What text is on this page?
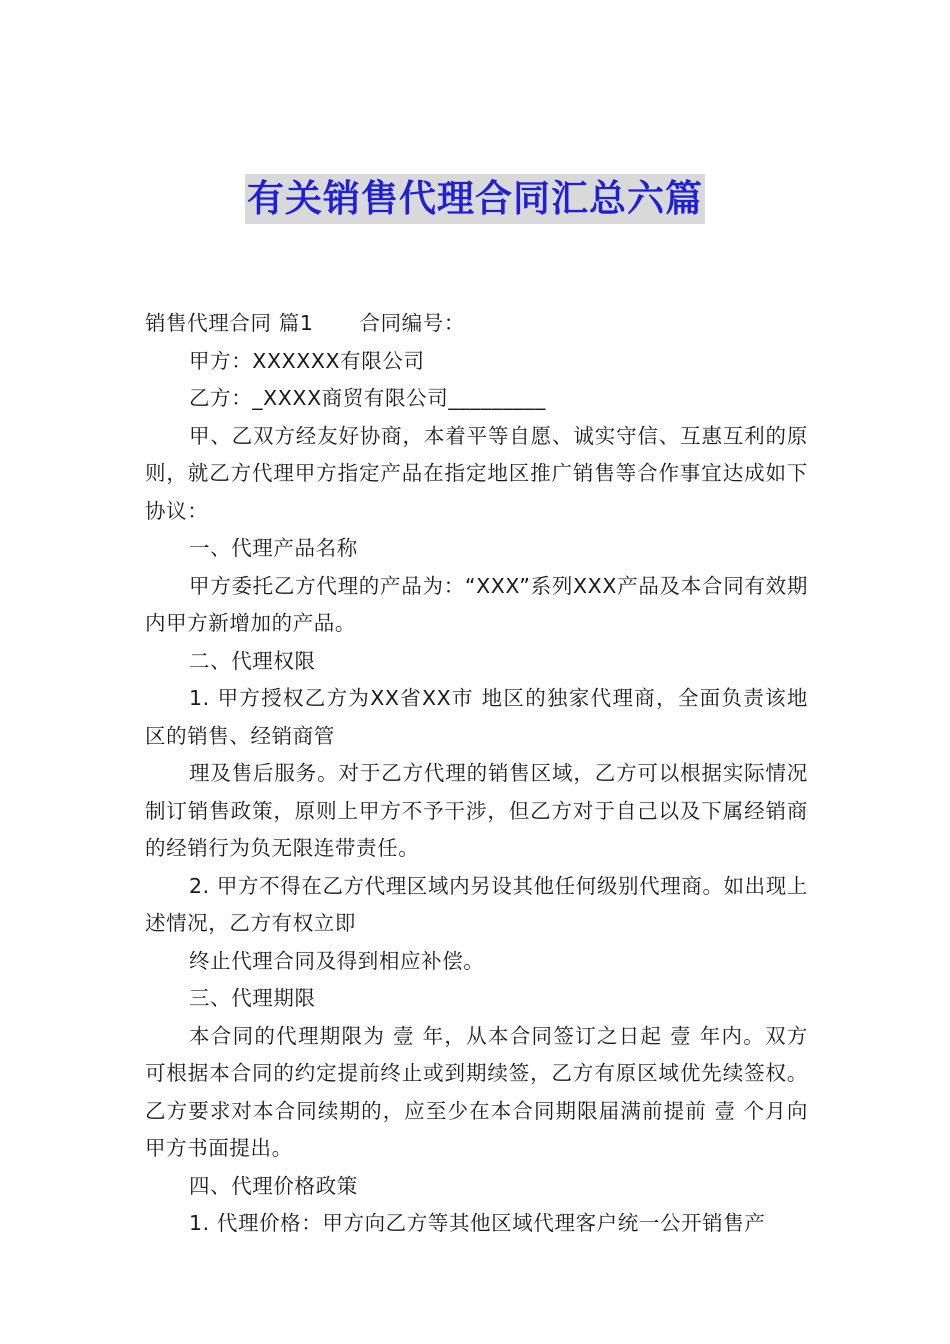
有关销售代理合同汇总六篇

销售代理合同 篇1 合同编号：

甲方：XXXXXX有限公司

乙方：_XXXX商贸有限公司_________

甲、乙双方经友好协商，本着平等自愿、诚实守信、互惠互利的原则，就乙方代理甲方指定产品在指定地区推广销售等合作事宜达成如下协议：

一、代理产品名称

甲方委托乙方代理的产品为：“XXX”系列XXX产品及本合同有效期内甲方新增加的产品。

二、代理权限

1. 甲方授权乙方为XX省XX市 地区的独家代理商，全面负责该地区的销售、经销商管

理及售后服务。对于乙方代理的销售区域，乙方可以根据实际情况制订销售政策，原则上甲方不予干涉，但乙方对于自己以及下属经销商的经销行为负无限连带责任。

2. 甲方不得在乙方代理区域内另设其他任何级别代理商。如出现上述情况，乙方有权立即

终止代理合同及得到相应补偿。

三、代理期限

本合同的代理期限为 壹 年，从本合同签订之日起 壹 年内。双方可根据本合同的约定提前终止或到期续签，乙方有原区域优先续签权。乙方要求对本合同续期的，应至少在本合同期限届满前提前 壹 个月向甲方书面提出。

四、代理价格政策

1. 代理价格：甲方向乙方等其他区域代理客户统一公开销售产
